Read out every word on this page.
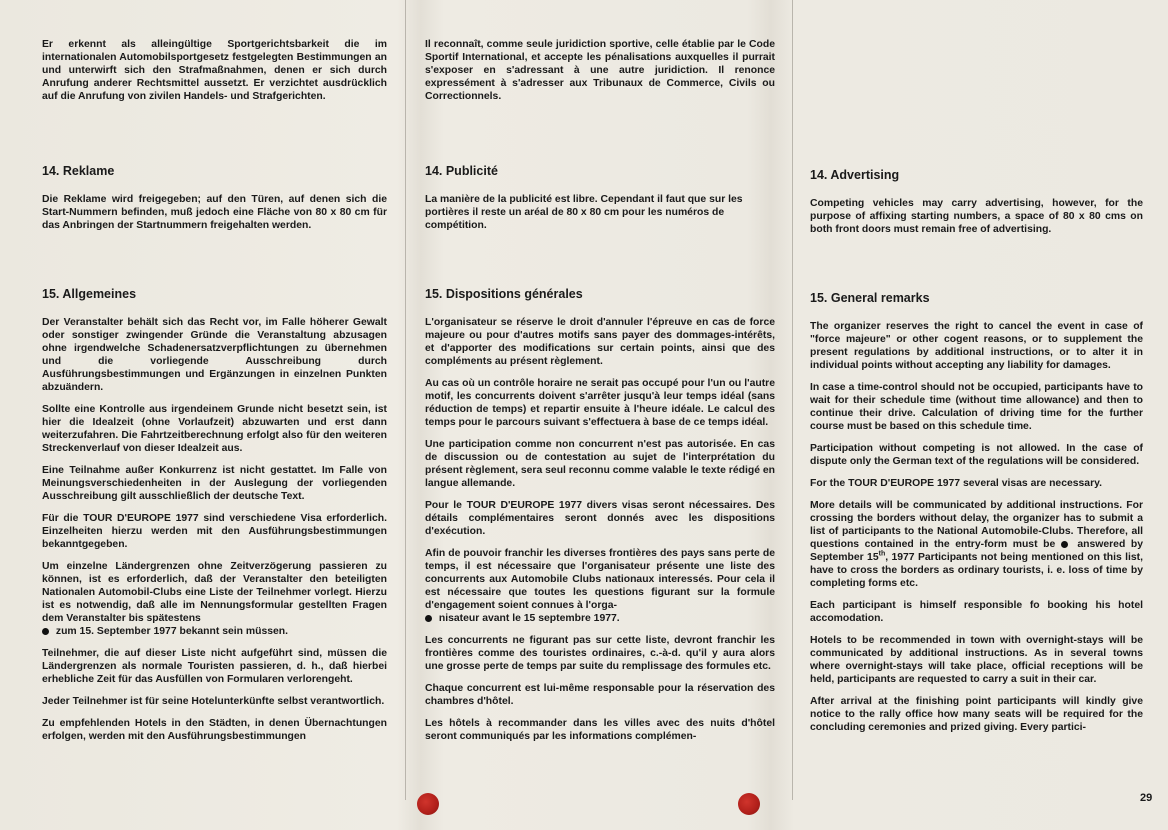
Er erkennt als alleingültige Sportgerichtsbarkeit die im internationalen Automobilsportgesetz festgelegten Bestimmungen an und unterwirft sich den Strafmaßnahmen, denen er sich durch Anrufung anderer Rechtsmittel aussetzt. Er verzichtet ausdrücklich auf die Anrufung von zivilen Handels- und Strafgerichten.

14. Reklame

Die Reklame wird freigegeben; auf den Türen, auf denen sich die Start-Nummern befinden, muß jedoch eine Fläche von 80 x 80 cm für das Anbringen der Startnummern freigehalten werden.

15. Allgemeines

Der Veranstalter behält sich das Recht vor, im Falle höherer Gewalt oder sonstiger zwingender Gründe die Veranstaltung abzusagen ohne irgendwelche Schadenersatzverpflichtungen zu übernehmen und die vorliegende Ausschreibung durch Ausführungsbestimmungen und Ergänzungen in einzelnen Punkten abzuändern.

Sollte eine Kontrolle aus irgendeinem Grunde nicht besetzt sein, ist hier die Idealzeit (ohne Vorlaufzeit) abzuwarten und erst dann weiterzufahren. Die Fahrtzeitberechnung erfolgt also für den weiteren Streckenverlauf von dieser Idealzeit aus.

Eine Teilnahme außer Konkurrenz ist nicht gestattet. Im Falle von Meinungsverschiedenheiten in der Auslegung der vorliegenden Ausschreibung gilt ausschließlich der deutsche Text.

Für die TOUR D'EUROPE 1977 sind verschiedene Visa erforderlich. Einzelheiten hierzu werden mit den Ausführungsbestimmungen bekanntgegeben.

Um einzelne Ländergrenzen ohne Zeitverzögerung passieren zu können, ist es erforderlich, daß der Veranstalter den beteiligten Nationalen Automobil-Clubs eine Liste der Teilnehmer vorlegt. Hierzu ist es notwendig, daß alle im Nennungsformular gestellten Fragen dem Veranstalter bis spätestens
zum 15. September 1977 bekannt sein müssen.

Teilnehmer, die auf dieser Liste nicht aufgeführt sind, müssen die Ländergrenzen als normale Touristen passieren, d. h., daß hierbei erhebliche Zeit für das Ausfüllen von Formularen verlorengeht.

Jeder Teilnehmer ist für seine Hotelunterkünfte selbst verantwortlich.

Zu empfehlenden Hotels in den Städten, in denen Übernachtungen erfolgen, werden mit den Ausführungsbestimmungen

Il reconnaît, comme seule juridiction sportive, celle établie par le Code Sportif International, et accepte les pénalisations auxquelles il purrait s'exposer en s'adressant à une autre juridiction. Il renonce expressément à s'adresser aux Tribunaux de Commerce, Civils ou Correctionnels.

14. Publicité

La manière de la publicité est libre. Cependant il faut que sur les portières il reste un aréal de 80 x 80 cm pour les numéros de compétition.

15. Dispositions générales

L'organisateur se réserve le droit d'annuler l'épreuve en cas de force majeure ou pour d'autres motifs sans payer des dommages-intérêts, et d'apporter des modifications sur certain points, ainsi que des compléments au présent règlement.

Au cas où un contrôle horaire ne serait pas occupé pour l'un ou l'autre motif, les concurrents doivent s'arrêter jusqu'à leur temps idéal (sans réduction de temps) et repartir ensuite à l'heure idéale. Le calcul des temps pour le parcours suivant s'effectuera à base de ce temps idéal.

Une participation comme non concurrent n'est pas autorisée. En cas de discussion ou de contestation au sujet de l'interprétation du présent règlement, sera seul reconnu comme valable le texte rédigé en langue allemande.

Pour le TOUR D'EUROPE 1977 divers visas seront nécessaires. Des détails complémentaires seront donnés avec les dispositions d'exécution.

Afin de pouvoir franchir les diverses frontières des pays sans perte de temps, il est nécessaire que l'organisateur présente une liste des concurrents aux Automobile Clubs nationaux interessés. Pour cela il est nécessaire que toutes les questions figurant sur la formule d'engagement soient connues à l'orga-
nisateur avant le 15 septembre 1977.

Les concurrents ne figurant pas sur cette liste, devront franchir les frontières comme des touristes ordinaires, c.-à-d. qu'il y aura alors une grosse perte de temps par suite du remplissage des formules etc.

Chaque concurrent est lui-même responsable pour la réservation des chambres d'hôtel.

Les hôtels à recommander dans les villes avec des nuits d'hôtel seront communiqués par les informations complémen-

14. Advertising

Competing vehicles may carry advertising, however, for the purpose of affixing starting numbers, a space of 80 x 80 cms on both front doors must remain free of advertising.

15. General remarks

The organizer reserves the right to cancel the event in case of "force majeure" or other cogent reasons, or to supplement the present regulations by additional instructions, or to alter it in individual points without accepting any liability for damages.

In case a time-control should not be occupied, participants have to wait for their schedule time (without time allowance) and then to continue their drive. Calculation of driving time for the further course must be based on this schedule time.

Participation without competing is not allowed. In the case of dispute only the German text of the regulations will be considered.

For the TOUR D'EUROPE 1977 several visas are necessary.

More details will be communicated by additional instructions. For crossing the borders without delay, the organizer has to submit a list of participants to the National Automobile-Clubs. Therefore, all questions contained in the entry-form must be answered by September 15th, 1977 Participants not being mentioned on this list, have to cross the borders as ordinary tourists, i. e. loss of time by completing forms etc.

Each participant is himself responsible fo booking his hotel accomodation.

Hotels to be recommended in town with overnight-stays will be communicated by additional instructions. As in several towns where overnight-stays will take place, official receptions will be held, participants are requested to carry a suit in their car.

After arrival at the finishing point participants will kindly give notice to the rally office how many seats will be required for the concluding ceremonies and prized giving. Every partici-

29
